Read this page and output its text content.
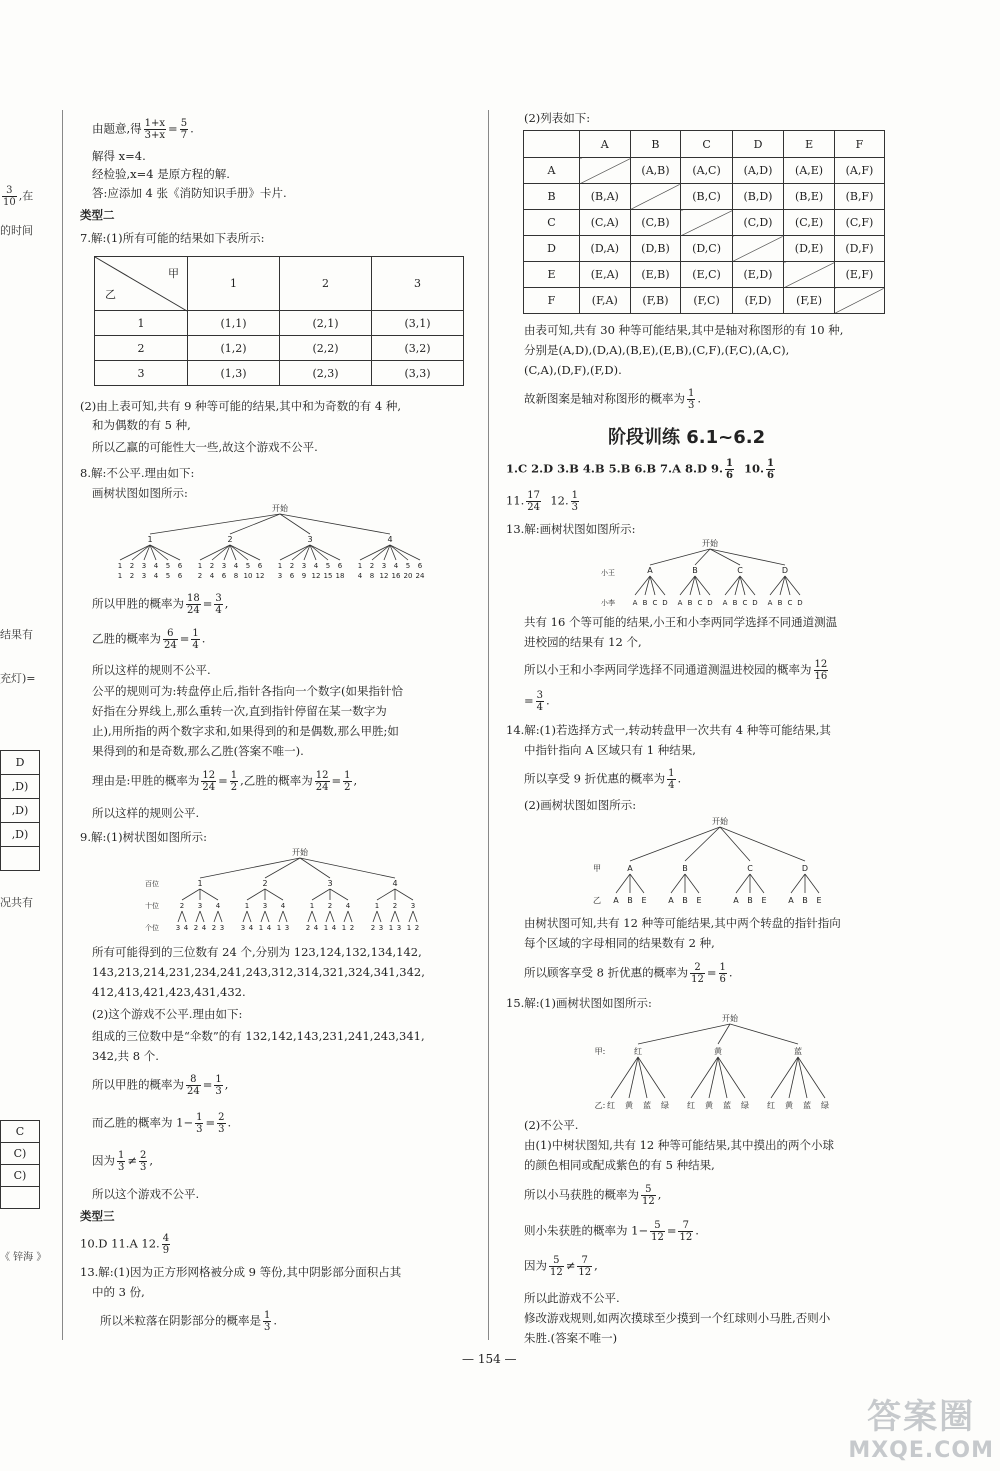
$\frac{3}{10}$ ,在
的时间
结果有
充灯)=
D
,D)
,D)
,D)

况共有
C
C)
C)

《 锌海 》
由题意,得 $\frac{1+x}{3+x} = \frac{5}{7}$ .
解得 x=4.
经检验,x=4 是原方程的解.
答:应添加 4 张《消防知识手册》卡片.
类型二
7.解:(1)所有可能的结果如下表所示:
甲
乙	1	2	3
1	(1,1)	(2,1)	(3,1)
2	(1,2)	(2,2)	(3,2)
3	(1,3)	(2,3)	(3,3)
(2)由上表可知,共有 9 种等可能的结果,其中和为奇数的有 4 种,
和为偶数的有 5 种,
所以乙赢的可能性大一些,故这个游戏不公平.
8.解:不公平.理由如下:
画树状图如图所示:
开始
1
1
1
2
2
3
3
4
4
5
5
6
6
2
1
2
2
4
3
6
4
8
5
10
6
12
3
1
3
2
6
3
9
4
12
5
15
6
18
4
1
4
2
8
3
12
4
16
5
20
6
24
所以甲胜的概率为 $\frac{18}{24} = \frac{3}{4}$ ,
乙胜的概率为 $\frac{6}{24} = \frac{1}{4}$ .
所以这样的规则不公平.
公平的规则可为:转盘停止后,指针各指向一个数字(如果指针恰
好指在分界线上,那么重转一次,直到指针停留在某一数字为
止),用所指的两个数字求和,如果得到的和是偶数,那么甲胜;如
果得到的和是奇数,那么乙胜(答案不唯一).
理由是:甲胜的概率为 $\frac{12}{24} = \frac{1}{2}$ ,乙胜的概率为 $\frac{12}{24} = \frac{1}{2}$ ,
所以这样的规则公平.
9.解:(1)树状图如图所示:
开始
百位
十位
个位
1
2
3 4
3
2 4
4
2 3
2
1
3 4
3
1 4
4
1 3
3
1
2 4
2
1 4
4
1 2
4
1
2 3
2
1 3
3
1 2
所有可能得到的三位数有 24 个,分别为 123,124,132,134,142,
143,213,214,231,234,241,243,312,314,321,324,341,342,
412,413,421,423,431,432.
(2)这个游戏不公平.理由如下:
组成的三位数中是“伞数”的有 132,142,143,231,241,243,341,
342,共 8 个.
所以甲胜的概率为 $\frac{8}{24} = \frac{1}{3}$ ,
而乙胜的概率为 $1- \frac{1}{3} = \frac{2}{3}$ .
因为 $\frac{1}{3} \ne \frac{2}{3}$ ,
所以这个游戏不公平.
类型三
10.D 11.A 12. $\frac{4}{9}$
13.解:(1)因为正方形网格被分成 9 等份,其中阴影部分面积占其
中的 3 份,
所以米粒落在阴影部分的概率是 $\frac{1}{3}$ .
(2)列表如下:
	A	B	C	D	E	F
A		(A,B)	(A,C)	(A,D)	(A,E)	(A,F)
B	(B,A)		(B,C)	(B,D)	(B,E)	(B,F)
C	(C,A)	(C,B)		(C,D)	(C,E)	(C,F)
D	(D,A)	(D,B)	(D,C)		(D,E)	(D,F)
E	(E,A)	(E,B)	(E,C)	(E,D)		(E,F)
F	(F,A)	(F,B)	(F,C)	(F,D)	(F,E)	
由表可知,共有 30 种等可能结果,其中是轴对称图形的有 10 种,
分别是(A,D),(D,A),(B,E),(E,B),(C,F),(F,C),(A,C),
(C,A),(D,F),(F,D).
故新图案是轴对称图形的概率为 $\frac{1}{3}$ .
阶段训练 6.1~6.2
1.C 2.D 3.B 4.B 5.B 6.B 7.A 8.D 9. $\frac{1}{6} 10$. $\frac{1}{6}$
11. $\frac{17}{24} 12$. $\frac{1}{3}$
13.解:画树状图如图所示:
开始
小王
小李
A
A B C D
B
A B C D
C
A B C D
D
A B C D
共有 16 个等可能的结果,小王和小李两同学选择不同通道测温
进校园的结果有 12 个,
所以小王和小李两同学选择不同通道测温进校园的概率为 $\frac{12}{16}$
= $\frac{3}{4}$ .
14.解:(1)若选择方式一,转动转盘甲一次共有 4 种等可能结果,其
中指针指向 A 区域只有 1 种结果,
所以享受 9 折优惠的概率为 $\frac{1}{4}$ .
(2)画树状图如图所示:
开始
甲
乙
A
A B E
B
A B E
C
A B E
D
A B E
由树状图可知,共有 12 种等可能结果,其中两个转盘的指针指向
每个区域的字母相同的结果数有 2 种,
所以顾客享受 8 折优惠的概率为 $\frac{2}{12} = \frac{1}{6}$ .
15.解:(1)画树状图如图所示:
开始
甲:
乙:
红
红 黄 蓝 绿
黄
红 黄 蓝 绿
蓝
红 黄 蓝 绿
(2)不公平.
由(1)中树状图知,共有 12 种等可能结果,其中摸出的两个小球
的颜色相同或配成紫色的有 5 种结果,
所以小马获胜的概率为 $\frac{5}{12}$ ,
则小朱获胜的概率为 $1- \frac{5}{12} = \frac{7}{12}$ .
因为 $\frac{5}{12} \ne \frac{7}{12}$ ,
所以此游戏不公平.
修改游戏规则,如两次摸球至少摸到一个红球则小马胜,否则小
朱胜.(答案不唯一)
— 154 —
答案圈
MXQE.COM
